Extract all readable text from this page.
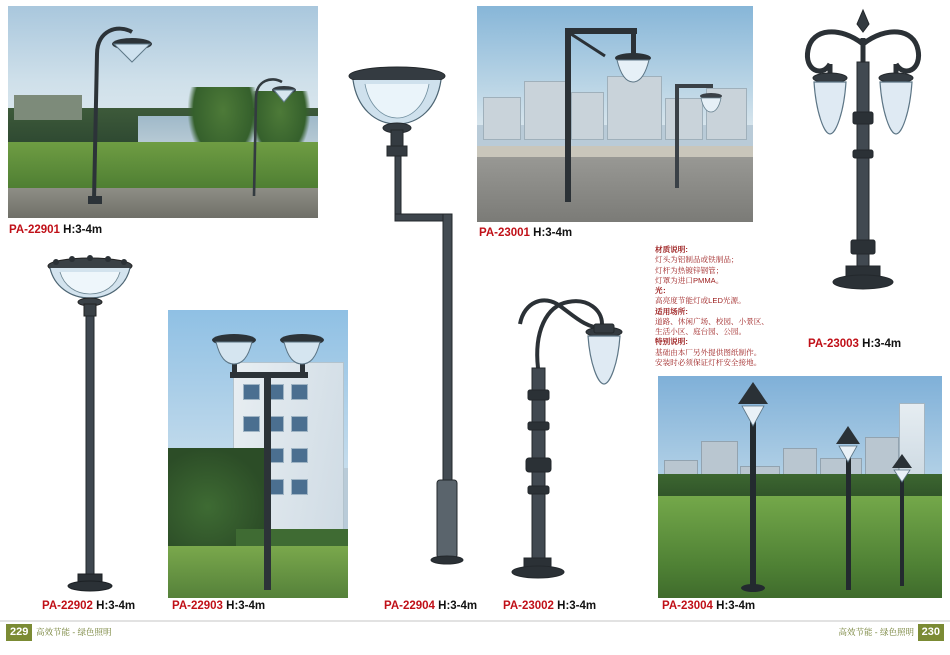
PA-22901 H:3-4m
PA-22902 H:3-4m	PA-22903 H:3-4m	PA-22904 H:3-4m
PA-23001 H:3-4m
PA-23002 H:3-4m

材质说明:

灯头为铝制品或铁制品；

灯杆为热镀锌钢管；

灯罩为进口PMMA。

光：

高亮度节能灯或LED光源。

适用场所:

道路、休闲广场、校园、小景区、

生活小区、庭台园、公园。

特别说明:

基础由本厂另外提供图纸制作。

安装时必须保证灯杆安全接地。

PA-23003 H:3-4m
PA-23004 H:3-4m
229 高效节能 - 绿色照明	230
高效节能 - 绿色照明
